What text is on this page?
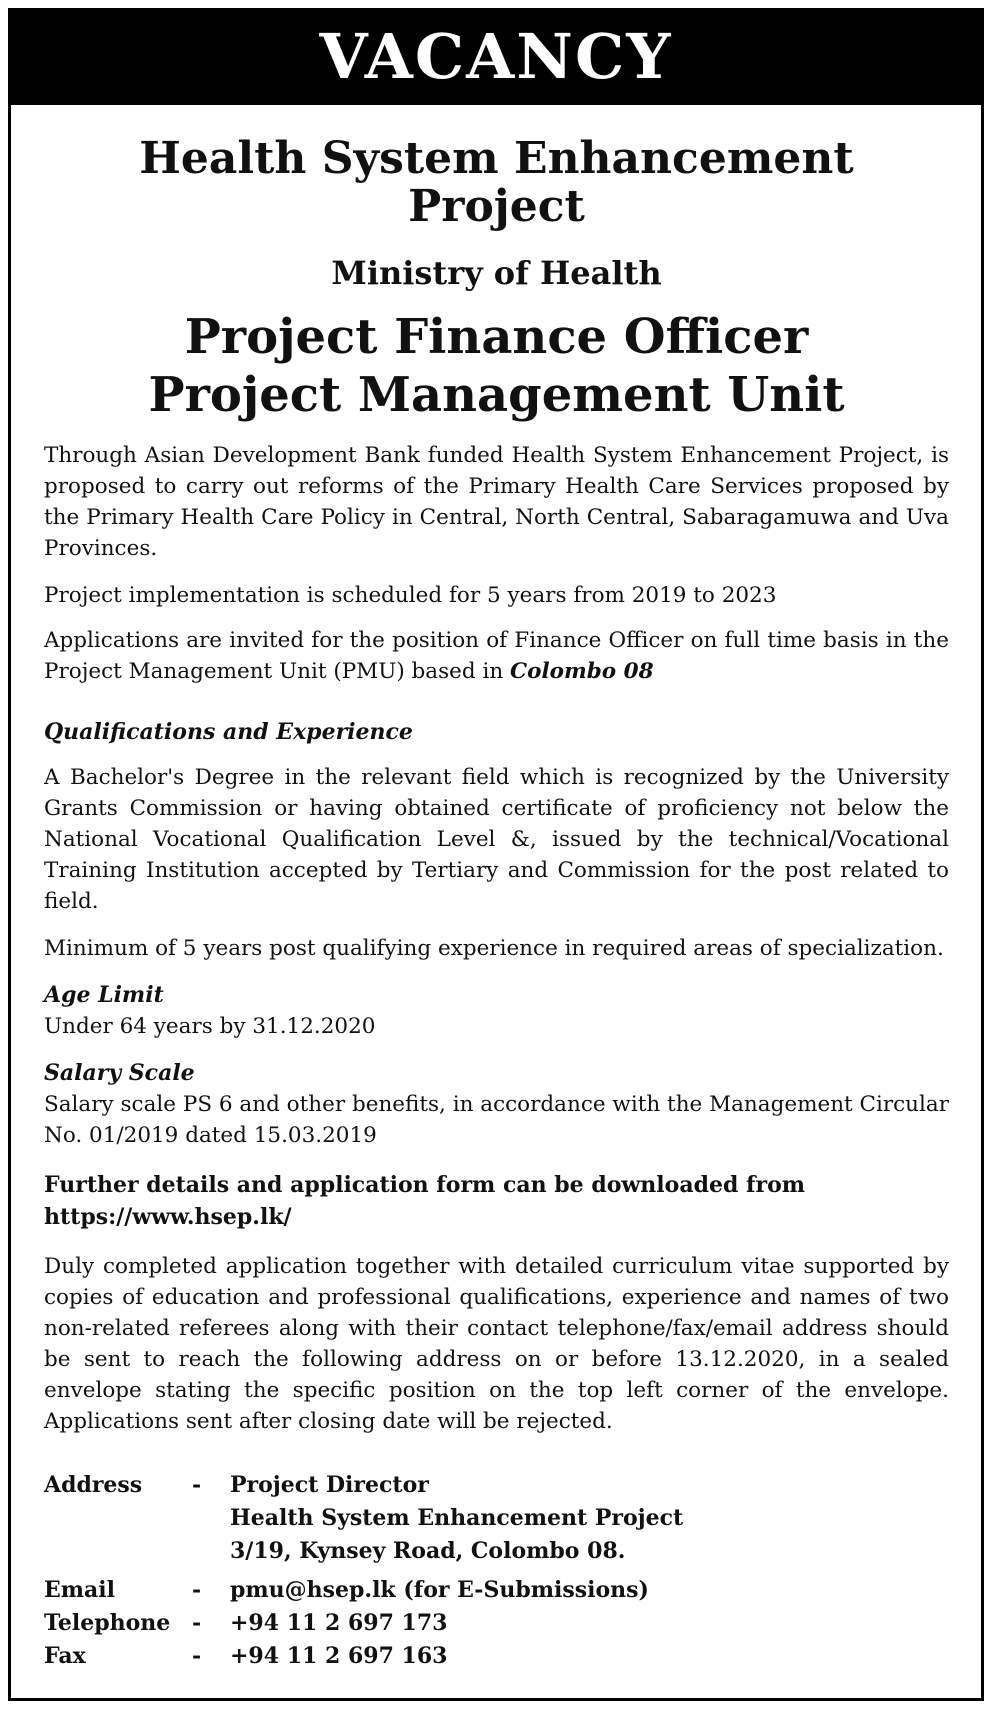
VACANCY
Health System Enhancement Project
Ministry of Health
Project Finance Officer
Project Management Unit

Through Asian Development Bank funded Health System Enhancement Project, is proposed to carry out reforms of the Primary Health Care Services proposed by the Primary Health Care Policy in Central, North Central, Sabaragamuwa and Uva Provinces.

Project implementation is scheduled for 5 years from 2019 to 2023

Applications are invited for the position of Finance Officer on full time basis in the Project Management Unit (PMU) based in Colombo 08

Qualifications and Experience

A Bachelor's Degree in the relevant field which is recognized by the University Grants Commission or having obtained certificate of proficiency not below the National Vocational Qualification Level &, issued by the technical/Vocational Training Institution accepted by Tertiary and Commission for the post related to field.

Minimum of 5 years post qualifying experience in required areas of specialization.

Age Limit

Under 64 years by 31.12.2020

Salary Scale

Salary scale PS 6 and other benefits, in accordance with the Management Circular No. 01/2019 dated 15.03.2019

Further details and application form can be downloaded from
https://www.hsep.lk/

Duly completed application together with detailed curriculum vitae supported by copies of education and professional qualifications, experience and names of two non-related referees along with their contact telephone/fax/email address should be sent to reach the following address on or before 13.12.2020, in a sealed envelope stating the specific position on the top left corner of the envelope. Applications sent after closing date will be rejected.

Address	-	Project Director
Health System Enhancement Project
3/19, Kynsey Road, Colombo 08.
Email	-	pmu@hsep.lk (for E-Submissions)
Telephone -	+94 11 2 697 173
Fax	-	+94 11 2 697 163
